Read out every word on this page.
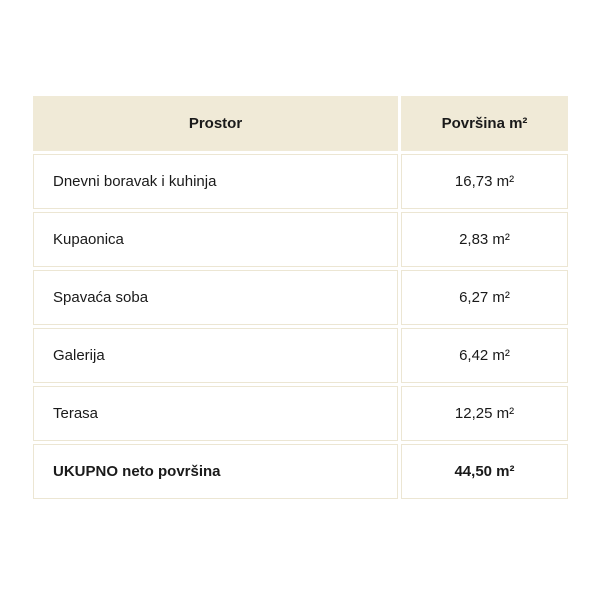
Prostor	Površina m²
Dnevni boravak i kuhinja	16,73 m²
Kupaonica	2,83 m²
Spavaća soba	6,27 m²
Galerija	6,42 m²
Terasa	12,25 m²
UKUPNO neto površina	44,50 m²
